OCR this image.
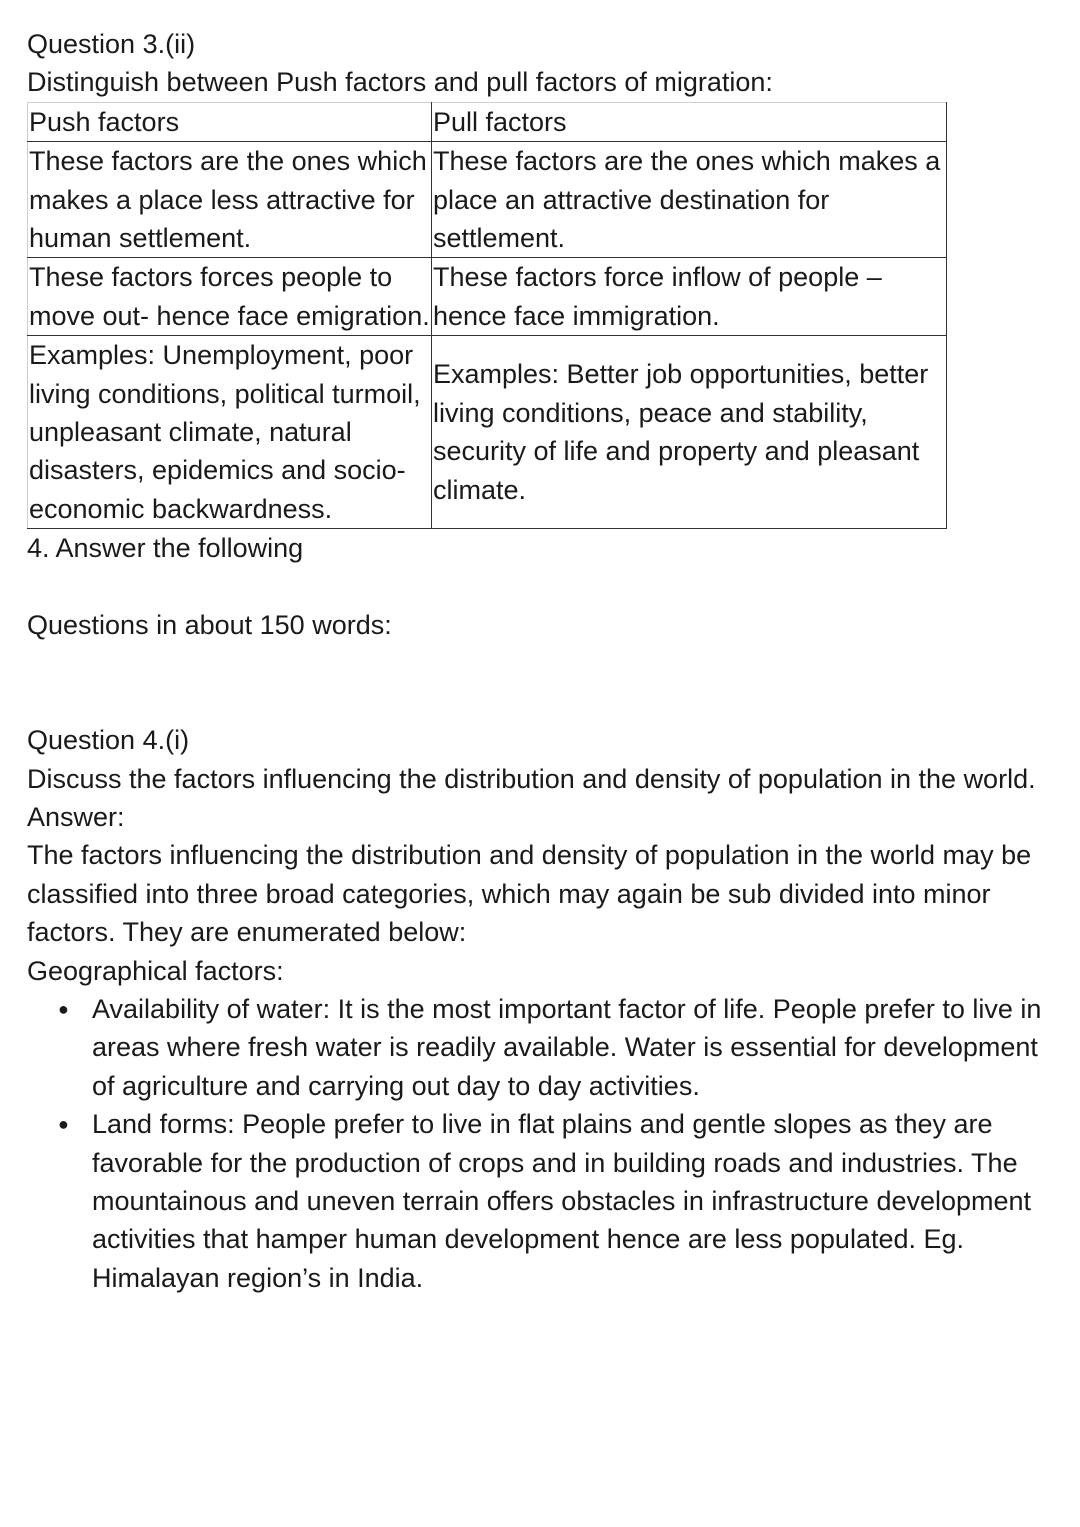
Question 3.(ii)

Distinguish between Push factors and pull factors of migration:

Push factors	Pull factors
These factors are the ones which makes a place less attractive for human settlement.	These factors are the ones which makes a place an attractive destination for settlement.
These factors forces people to move out- hence face emigration.	These factors force inflow of people – hence face immigration.
Examples: Unemployment, poor living conditions, political turmoil, unpleasant climate, natural disasters, epidemics and socio-economic backwardness.	Examples: Better job opportunities, better living conditions, peace and stability, security of life and property and pleasant climate.

4. Answer the following

Questions in about 150 words:

Question 4.(i)

Discuss the factors influencing the distribution and density of population in the world.

Answer:

The factors influencing the distribution and density of population in the world may be classified into three broad categories, which may again be sub divided into minor factors. They are enumerated below:

Geographical factors:

● Availability of water: It is the most important factor of life. People prefer to live in areas where fresh water is readily available. Water is essential for development of agriculture and carrying out day to day activities.
● Land forms: People prefer to live in flat plains and gentle slopes as they are favorable for the production of crops and in building roads and industries. The mountainous and uneven terrain offers obstacles in infrastructure development activities that hamper human development hence are less populated. Eg. Himalayan region’s in India.
